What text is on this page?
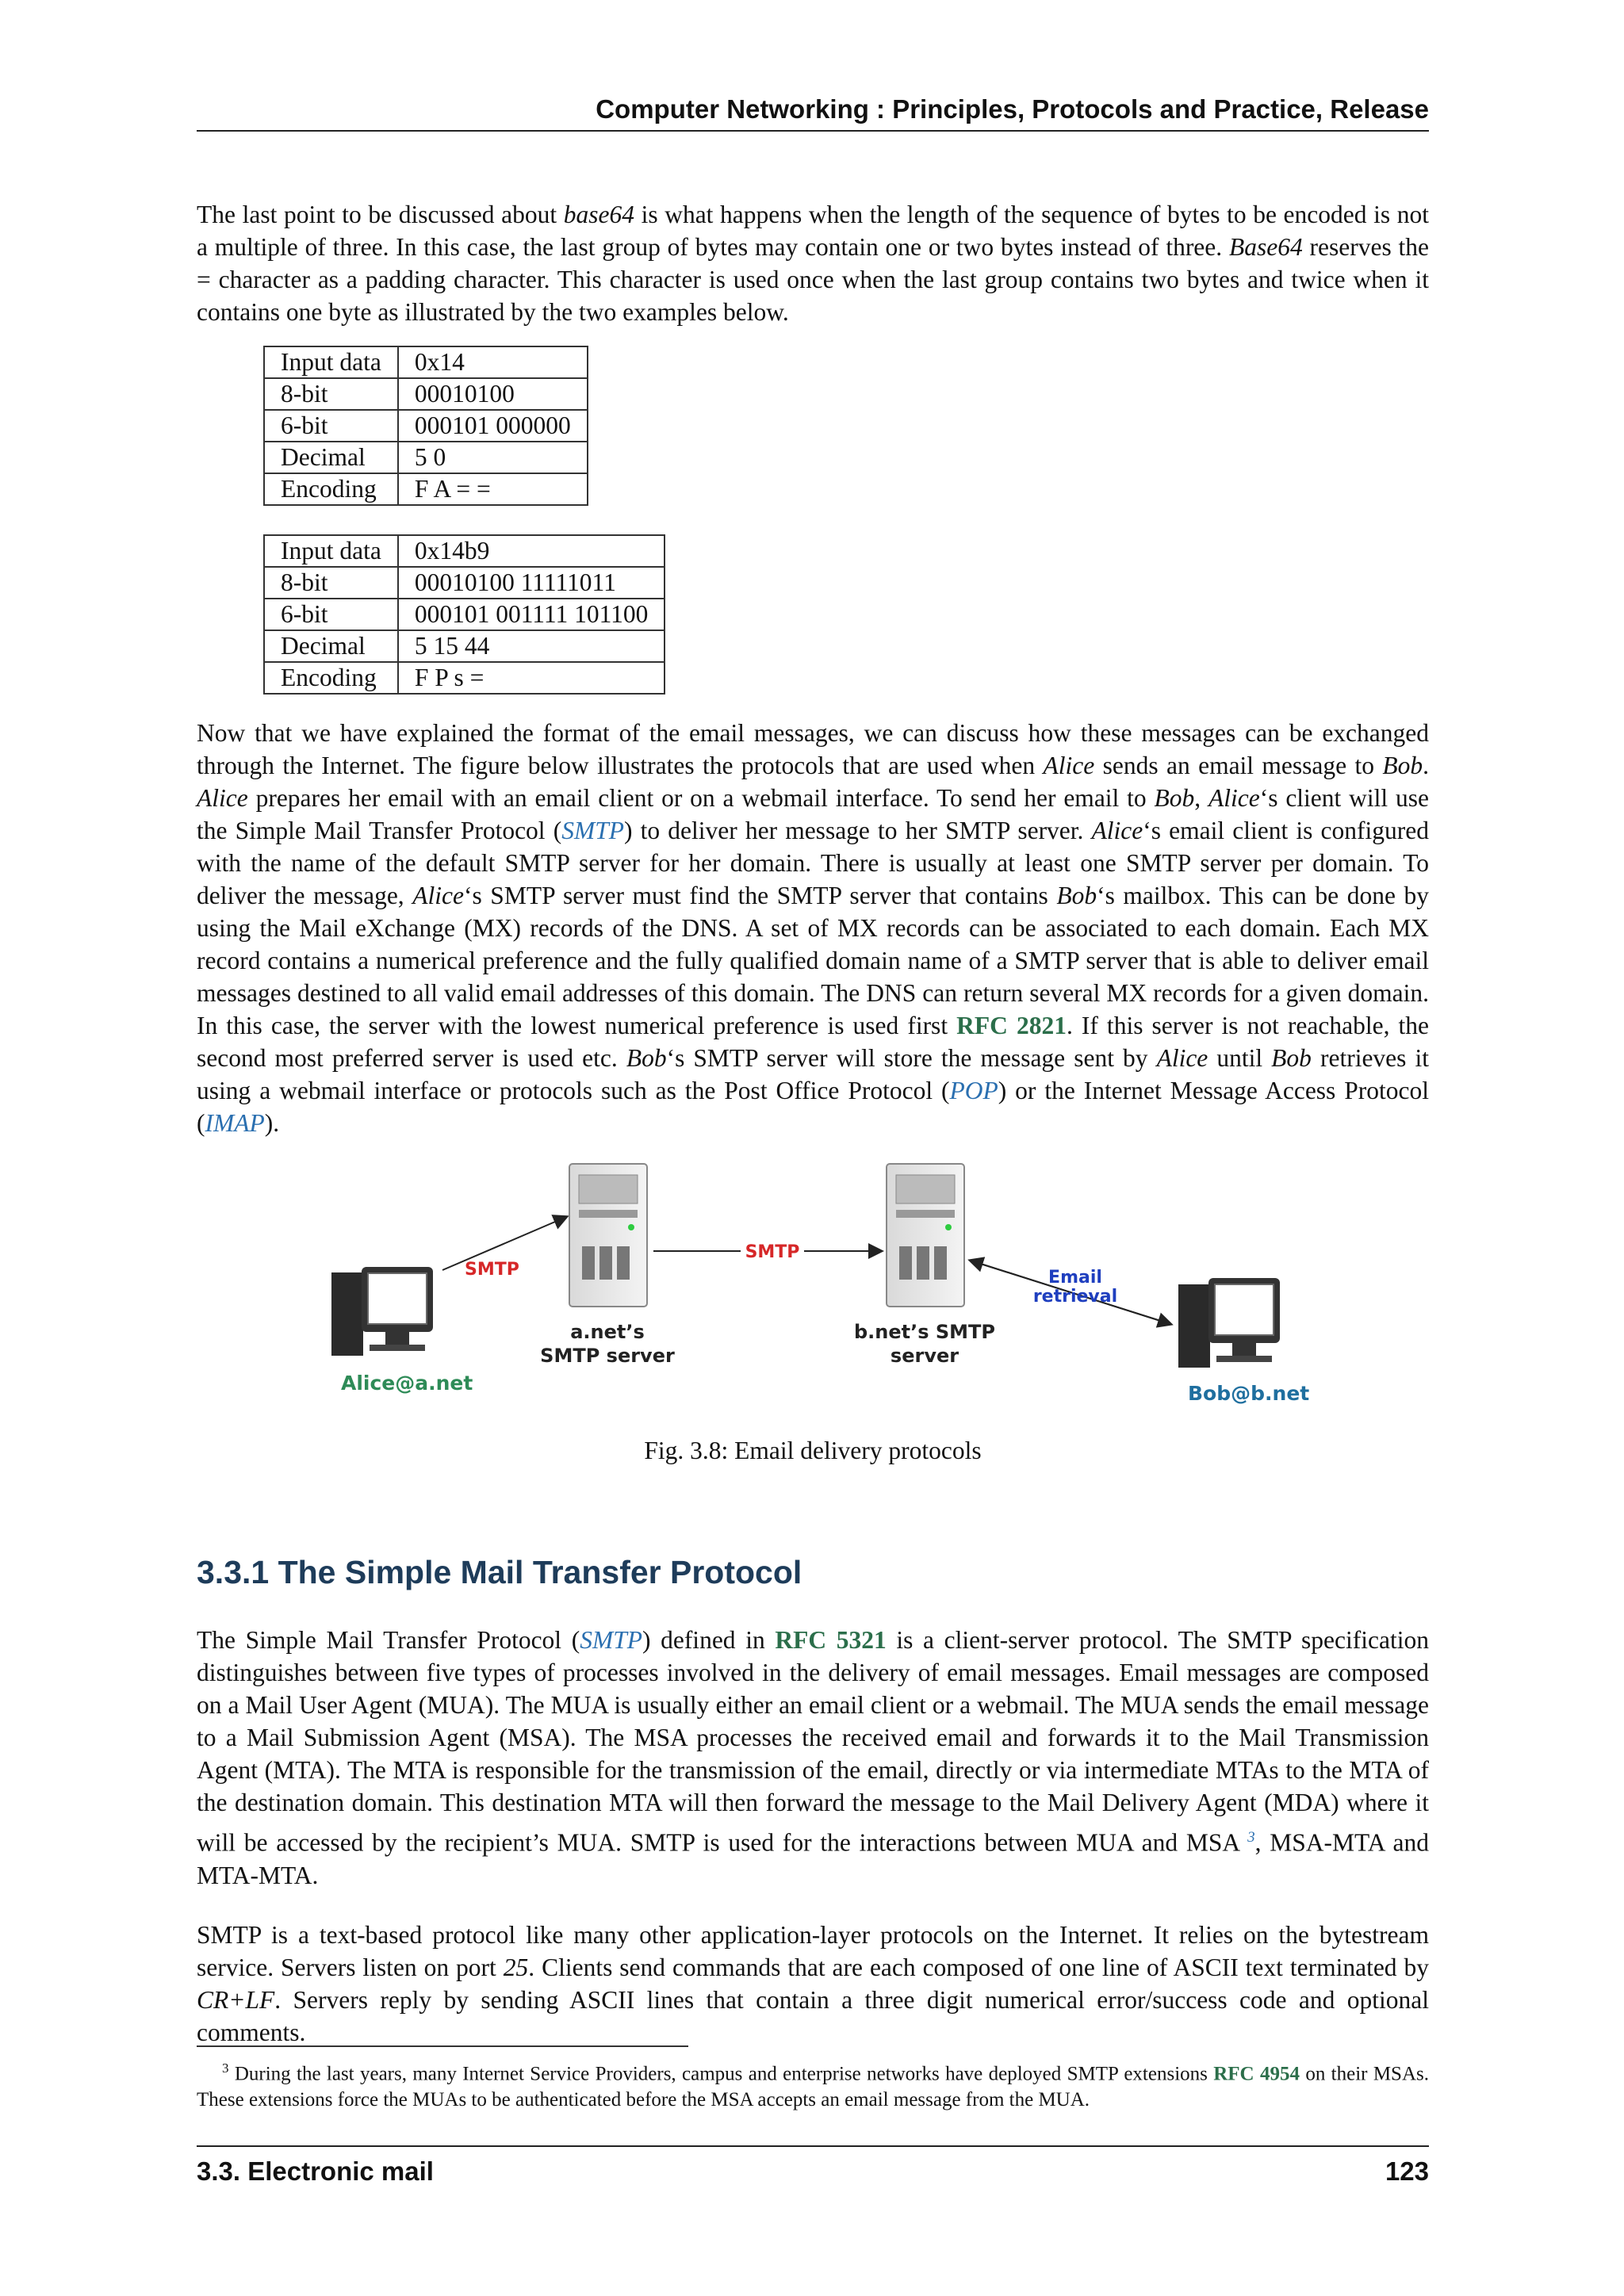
Computer Networking : Principles, Protocols and Practice, Release

The last point to be discussed about base64 is what happens when the length of the sequence of bytes to be encoded is not a multiple of three. In this case, the last group of bytes may contain one or two bytes instead of three. Base64 reserves the = character as a padding character. This character is used once when the last group contains two bytes and twice when it contains one byte as illustrated by the two examples below.

Input data	0x14
8-bit	00010100
6-bit	000101 000000
Decimal	5 0
Encoding	F A = =
Input data	0x14b9
8-bit	00010100 11111011
6-bit	000101 001111 101100
Decimal	5 15 44
Encoding	F P s =

Now that we have explained the format of the email messages, we can discuss how these messages can be exchanged through the Internet. The figure below illustrates the protocols that are used when Alice sends an email message to Bob. Alice prepares her email with an email client or on a webmail interface. To send her email to Bob, Alice‘s client will use the Simple Mail Transfer Protocol (SMTP) to deliver her message to her SMTP server. Alice‘s email client is configured with the name of the default SMTP server for her domain. There is usually at least one SMTP server per domain. To deliver the message, Alice‘s SMTP server must find the SMTP server that contains Bob‘s mailbox. This can be done by using the Mail eXchange (MX) records of the DNS. A set of MX records can be associated to each domain. Each MX record contains a numerical preference and the fully qualified domain name of a SMTP server that is able to deliver email messages destined to all valid email addresses of this domain. The DNS can return several MX records for a given domain. In this case, the server with the lowest numerical preference is used first RFC 2821. If this server is not reachable, the second most preferred server is used etc. Bob‘s SMTP server will store the message sent by Alice until Bob retrieves it using a webmail interface or protocols such as the Post Office Protocol (POP) or the Internet Message Access Protocol (IMAP).

Alice@a.net
SMTP
a.net’s
SMTP server
SMTP
b.net’s SMTP
server
Email
retrieval
Bob@b.net
Fig. 3.8: Email delivery protocols
3.3.1 The Simple Mail Transfer Protocol

The Simple Mail Transfer Protocol (SMTP) defined in RFC 5321 is a client-server protocol. The SMTP specification distinguishes between five types of processes involved in the delivery of email messages. Email messages are composed on a Mail User Agent (MUA). The MUA is usually either an email client or a webmail. The MUA sends the email message to a Mail Submission Agent (MSA). The MSA processes the received email and forwards it to the Mail Transmission Agent (MTA). The MTA is responsible for the transmission of the email, directly or via intermediate MTAs to the MTA of the destination domain. This destination MTA will then forward the message to the Mail Delivery Agent (MDA) where it will be accessed by the recipient’s MUA. SMTP is used for the interactions between MUA and MSA $^3$, MSA-MTA and MTA-MTA.

SMTP is a text-based protocol like many other application-layer protocols on the Internet. It relies on the bytestream service. Servers listen on port 25. Clients send commands that are each composed of one line of ASCII text terminated by CR+LF. Servers reply by sending ASCII lines that contain a three digit numerical error/success code and optional comments.

$^3$ During the last years, many Internet Service Providers, campus and enterprise networks have deployed SMTP extensions RFC 4954 on their MSAs. These extensions force the MUAs to be authenticated before the MSA accepts an email message from the MUA.
3.3. Electronic mail	123
